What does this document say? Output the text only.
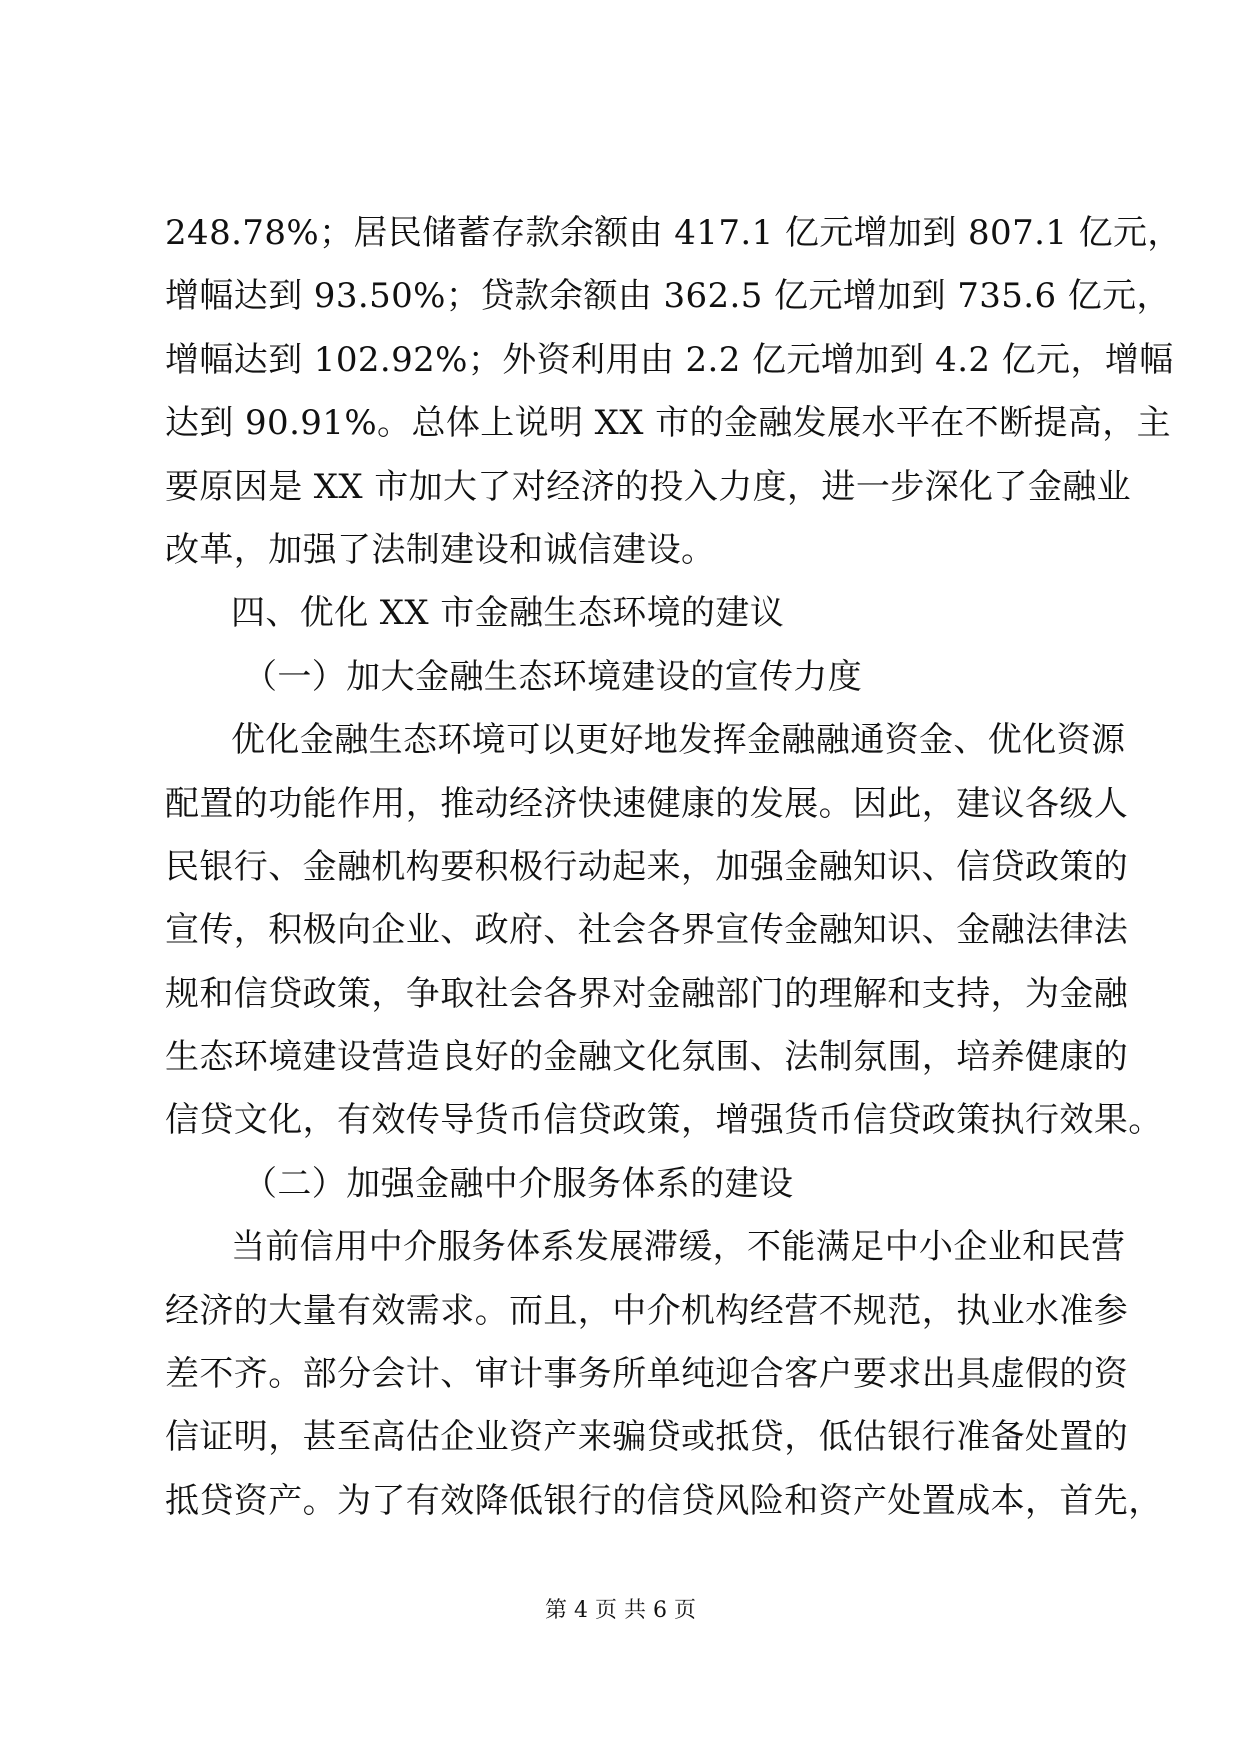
248.78%；居民储蓄存款余额由 417.1 亿元增加到 807.1 亿元，
增幅达到 93.50%；贷款余额由 362.5 亿元增加到 735.6 亿元，
增幅达到 102.92%；外资利用由 2.2 亿元增加到 4.2 亿元，增幅
达到 90.91%。总体上说明 XX 市的金融发展水平在不断提高，主
要原因是 XX 市加大了对经济的投入力度，进一步深化了金融业
改革，加强了法制建设和诚信建设。
四、优化 XX 市金融生态环境的建议
（一）加大金融生态环境建设的宣传力度
优化金融生态环境可以更好地发挥金融融通资金、优化资源
配置的功能作用，推动经济快速健康的发展。因此，建议各级人
民银行、金融机构要积极行动起来，加强金融知识、信贷政策的
宣传，积极向企业、政府、社会各界宣传金融知识、金融法律法
规和信贷政策，争取社会各界对金融部门的理解和支持，为金融
生态环境建设营造良好的金融文化氛围、法制氛围，培养健康的
信贷文化，有效传导货币信贷政策，增强货币信贷政策执行效果。
（二）加强金融中介服务体系的建设
当前信用中介服务体系发展滞缓，不能满足中小企业和民营
经济的大量有效需求。而且，中介机构经营不规范，执业水准参
差不齐。部分会计、审计事务所单纯迎合客户要求出具虚假的资
信证明，甚至高估企业资产来骗贷或抵贷，低估银行准备处置的
抵贷资产。为了有效降低银行的信贷风险和资产处置成本，首先，
第 4 页 共 6 页
